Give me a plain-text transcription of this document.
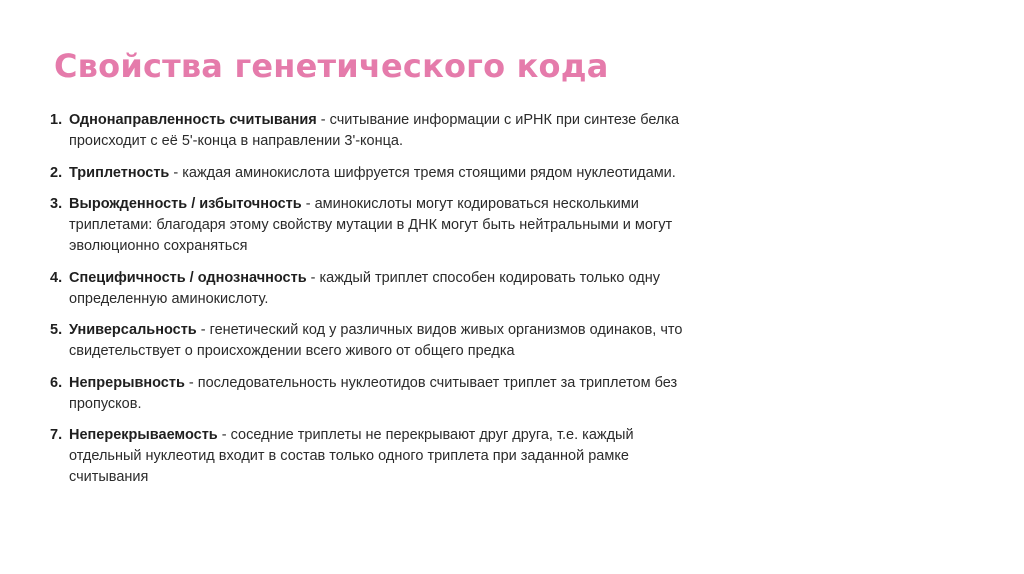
Свойства генетического кода
1. Однонаправленность считывания - считывание информации с иРНК при синтезе белка происходит с её 5'-конца в направлении 3'-конца.
2. Триплетность - каждая аминокислота шифруется тремя стоящими рядом нуклеотидами.
3. Вырожденность / избыточность - аминокислоты могут кодироваться несколькими триплетами: благодаря этому свойству мутации в ДНК могут быть нейтральными и могут эволюционно сохраняться
4. Специфичность / однозначность - каждый триплет способен кодировать только одну определенную аминокислоту.
5. Универсальность - генетический код у различных видов живых организмов одинаков, что свидетельствует о происхождении всего живого от общего предка
6. Непрерывность - последовательность нуклеотидов считывает триплет за триплетом без пропусков.
7. Неперекрываемость - соседние триплеты не перекрывают друг друга, т.е. каждый отдельный нуклеотид входит в состав только одного триплета при заданной рамке считывания
